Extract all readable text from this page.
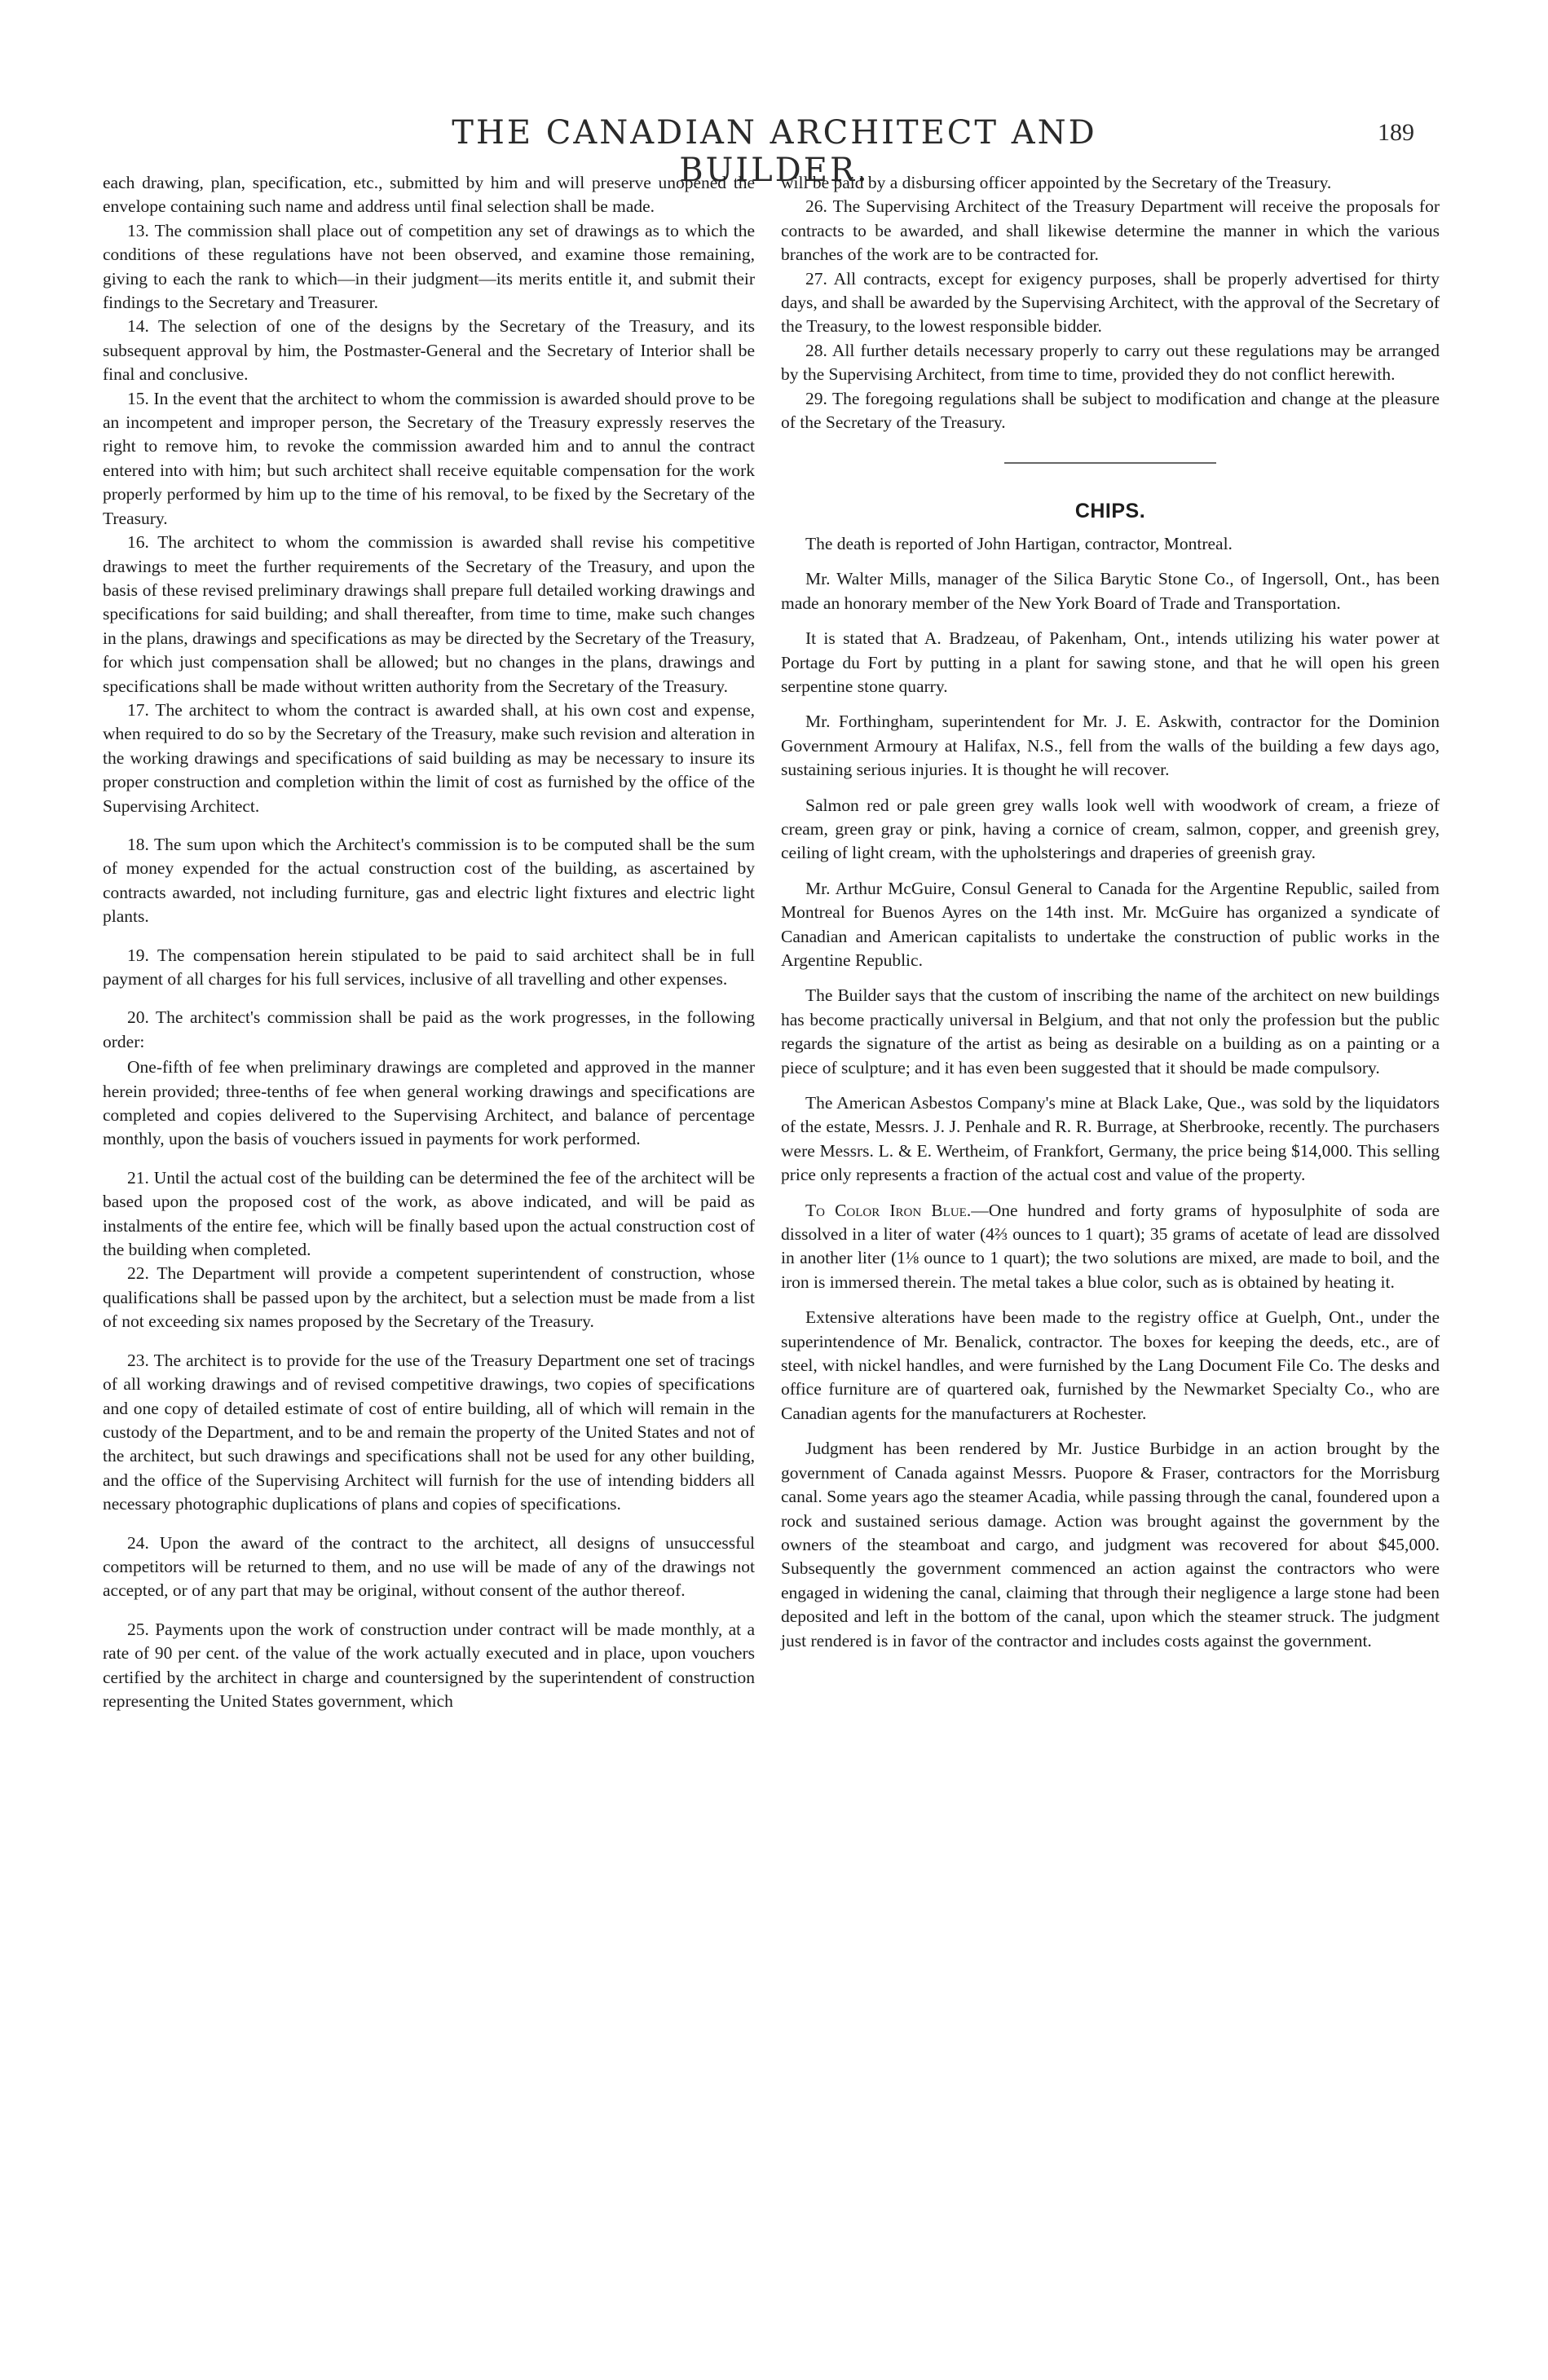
THE CANADIAN ARCHITECT AND BUILDER.
189

each drawing, plan, specification, etc., submitted by him and will preserve unopened the envelope containing such name and address until final selection shall be made.

13. The commission shall place out of competition any set of drawings as to which the conditions of these regulations have not been observed, and examine those remaining, giving to each the rank to which—in their judgment—its merits entitle it, and submit their findings to the Secretary and Treasurer.

14. The selection of one of the designs by the Secretary of the Treasury, and its subsequent approval by him, the Postmaster-General and the Secretary of Interior shall be final and conclusive.

15. In the event that the architect to whom the commission is awarded should prove to be an incompetent and improper person, the Secretary of the Treasury expressly reserves the right to remove him, to revoke the commission awarded him and to annul the contract entered into with him; but such architect shall receive equitable compensation for the work properly performed by him up to the time of his removal, to be fixed by the Secretary of the Treasury.

16. The architect to whom the commission is awarded shall revise his competitive drawings to meet the further requirements of the Secretary of the Treasury, and upon the basis of these revised preliminary drawings shall prepare full detailed working drawings and specifications for said building; and shall thereafter, from time to time, make such changes in the plans, drawings and specifications as may be directed by the Secretary of the Treasury, for which just compensation shall be allowed; but no changes in the plans, drawings and specifications shall be made without written authority from the Secretary of the Treasury.

17. The architect to whom the contract is awarded shall, at his own cost and expense, when required to do so by the Secretary of the Treasury, make such revision and alteration in the working drawings and specifications of said building as may be necessary to insure its proper construction and completion within the limit of cost as furnished by the office of the Supervising Architect.

18. The sum upon which the Architect's commission is to be computed shall be the sum of money expended for the actual construction cost of the building, as ascertained by contracts awarded, not including furniture, gas and electric light fixtures and electric light plants.

19. The compensation herein stipulated to be paid to said architect shall be in full payment of all charges for his full services, inclusive of all travelling and other expenses.

20. The architect's commission shall be paid as the work progresses, in the following order:

One-fifth of fee when preliminary drawings are completed and approved in the manner herein provided; three-tenths of fee when general working drawings and specifications are completed and copies delivered to the Supervising Architect, and balance of percentage monthly, upon the basis of vouchers issued in payments for work performed.

21. Until the actual cost of the building can be determined the fee of the architect will be based upon the proposed cost of the work, as above indicated, and will be paid as instalments of the entire fee, which will be finally based upon the actual construction cost of the building when completed.

22. The Department will provide a competent superintendent of construction, whose qualifications shall be passed upon by the architect, but a selection must be made from a list of not exceeding six names proposed by the Secretary of the Treasury.

23. The architect is to provide for the use of the Treasury Department one set of tracings of all working drawings and of revised competitive drawings, two copies of specifications and one copy of detailed estimate of cost of entire building, all of which will remain in the custody of the Department, and to be and remain the property of the United States and not of the architect, but such drawings and specifications shall not be used for any other building, and the office of the Supervising Architect will furnish for the use of intending bidders all necessary photographic duplications of plans and copies of specifications.

24. Upon the award of the contract to the architect, all designs of unsuccessful competitors will be returned to them, and no use will be made of any of the drawings not accepted, or of any part that may be original, without consent of the author thereof.

25. Payments upon the work of construction under contract will be made monthly, at a rate of 90 per cent. of the value of the work actually executed and in place, upon vouchers certified by the architect in charge and countersigned by the superintendent of construction representing the United States government, which

will be paid by a disbursing officer appointed by the Secretary of the Treasury.

26. The Supervising Architect of the Treasury Department will receive the proposals for contracts to be awarded, and shall likewise determine the manner in which the various branches of the work are to be contracted for.

27. All contracts, except for exigency purposes, shall be properly advertised for thirty days, and shall be awarded by the Supervising Architect, with the approval of the Secretary of the Treasury, to the lowest responsible bidder.

28. All further details necessary properly to carry out these regulations may be arranged by the Supervising Architect, from time to time, provided they do not conflict herewith.

29. The foregoing regulations shall be subject to modification and change at the pleasure of the Secretary of the Treasury.

CHIPS.

The death is reported of John Hartigan, contractor, Montreal.

Mr. Walter Mills, manager of the Silica Barytic Stone Co., of Ingersoll, Ont., has been made an honorary member of the New York Board of Trade and Transportation.

It is stated that A. Bradzeau, of Pakenham, Ont., intends utilizing his water power at Portage du Fort by putting in a plant for sawing stone, and that he will open his green serpentine stone quarry.

Mr. Forthingham, superintendent for Mr. J. E. Askwith, contractor for the Dominion Government Armoury at Halifax, N.S., fell from the walls of the building a few days ago, sustaining serious injuries. It is thought he will recover.

Salmon red or pale green grey walls look well with woodwork of cream, a frieze of cream, green gray or pink, having a cornice of cream, salmon, copper, and greenish grey, ceiling of light cream, with the upholsterings and draperies of greenish gray.

Mr. Arthur McGuire, Consul General to Canada for the Argentine Republic, sailed from Montreal for Buenos Ayres on the 14th inst. Mr. McGuire has organized a syndicate of Canadian and American capitalists to undertake the construction of public works in the Argentine Republic.

The Builder says that the custom of inscribing the name of the architect on new buildings has become practically universal in Belgium, and that not only the profession but the public regards the signature of the artist as being as desirable on a building as on a painting or a piece of sculpture; and it has even been suggested that it should be made compulsory.

The American Asbestos Company's mine at Black Lake, Que., was sold by the liquidators of the estate, Messrs. J. J. Penhale and R. R. Burrage, at Sherbrooke, recently. The purchasers were Messrs. L. & E. Wertheim, of Frankfort, Germany, the price being $14,000. This selling price only represents a fraction of the actual cost and value of the property.

To Color Iron Blue.—One hundred and forty grams of hyposulphite of soda are dissolved in a liter of water (4⅔ ounces to 1 quart); 35 grams of acetate of lead are dissolved in another liter (1⅛ ounce to 1 quart); the two solutions are mixed, are made to boil, and the iron is immersed therein. The metal takes a blue color, such as is obtained by heating it.

Extensive alterations have been made to the registry office at Guelph, Ont., under the superintendence of Mr. Benalick, contractor. The boxes for keeping the deeds, etc., are of steel, with nickel handles, and were furnished by the Lang Document File Co. The desks and office furniture are of quartered oak, furnished by the Newmarket Specialty Co., who are Canadian agents for the manufacturers at Rochester.

Judgment has been rendered by Mr. Justice Burbidge in an action brought by the government of Canada against Messrs. Puopore & Fraser, contractors for the Morrisburg canal. Some years ago the steamer Acadia, while passing through the canal, foundered upon a rock and sustained serious damage. Action was brought against the government by the owners of the steamboat and cargo, and judgment was recovered for about $45,000. Subsequently the government commenced an action against the contractors who were engaged in widening the canal, claiming that through their negligence a large stone had been deposited and left in the bottom of the canal, upon which the steamer struck. The judgment just rendered is in favor of the contractor and includes costs against the government.
